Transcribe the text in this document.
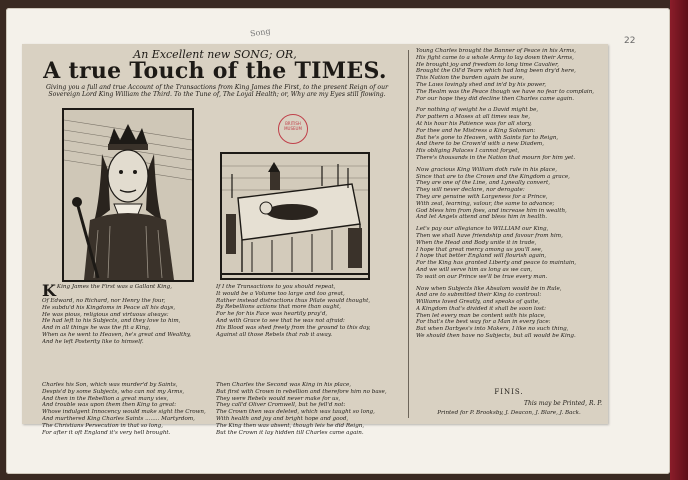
Song
22
An Excellent new SONG; OR,
A true Touch of the TIMES.
Giving you a full and true Account of the Transactions from King James the First, to the present Reign of our Sovereign Lord King William the Third. To the Tune of, The Loyal Health; or, Why are my Eyes still flowing.
BRITISH MUSEUM
K King James the First was a Gallant King,
Of Edward, no Richard, nor Henry the four,
He subdu'd his Kingdoms in Peace all his days,
He was pious, religious and virtuous always:
He had left to his Subjects, and they love to him,
And in all things he was the fit a King,
When as he went to Heaven, he's great and Wealthy,
And he left Posterity like to himself.
Charles his Son, which was murder'd by Saints,
Despis'd by some Subjects, who can not my Arms,
And then in the Rebellion a great many vies,
And trouble was upon them then King to great:
Whose indulgent Innocency would make sight the Crown,
And murthered King Charles Saints ........ Martyrdom,
The Christians Persecution in that so long,
For after it oft England it's very hell brought.
If I the Transactions to you should repeat,
It would be a Volume too large and too great,
Rather instead distractions thus Pilate would thought,
By Rebellions actions that more than ought,
For he for his Face was heartily pray'd,
And with Grace to see that he was not afraid:
His Blood was shed freely from the ground to this day,
Against all those Rebels that rob it away.
Then Charles the Second was King in his place,
But first with Crown in rebellion and therefore him no base,
They were Rebels would never make for us,
They call'd Oliver Cromwell, but he fell'd not:
The Crown then was deleted, which was taught so long,
With health and joy and bright hope and good,
The King then was absent, though leis he did Reign,
But the Crown it lay hidden till Charles came again.
Young Charles brought the Banner of Peace in his Arms,
His fight came to a whole Army to lay down their Arms,
He brought joy and freedom to long time Cavalier,
Brought the Oil'd Tears which had long been dry'd here,
This Nation the burden again be sure,
The Laws lovingly shed and in'd by his power,
The Realm was the Peace though we have no fear to complain,
For our hope they did decline then Charles came again.
For nothing of weight he a David might be,
For pattern a Moses at all times was he,
At his hour his Patience was for all story,
For thee and he Mistress a King Soloman:
But he's gone to Heaven, with Saints far to Reign,
And there to be Crown'd with a new Diadem,
His obliging Palaces I cannot forget,
There's thousands in the Nation that mourn for him yet.
Now gracious King William doth rule in his place,
Since that are to the Crown and the Kingdom a grace,
They are one of the Line, and Lyneally convert,
They will never declare, nor derogate:
They are genuine with Largeness for a Prince,
With zeal, learning, valour, the same to advance;
God bless him from foes, and increase him in wealth,
And let Angels attend and bless him in health.
Let's pay our allegiance to WILLIAM our King,
Then we shall have friendship and favour from him,
When the Head and Body unite it in trade,
I hope that great mercy among us you'll see,
I hope that better England will flourish again,
For the King has granted Liberty and peace to maintain,
And we will serve him as long as we can,
To wait on our Prince we'll be true every man.
Now when Subjects like Absalom would be in Rule,
And are to submitted their King to controul:
Williams loved Greatly, and speaks of quite,
A Kingdom that's divided it shall be soon lost:
Then let every man be content with his place,
For that's the best way for a Man in every face:
But when Darbyes's into Makers, I like no such thing,
We should then have no Subjects, but all would be King.
FINIS.
This may be Printed, R. P.
Printed for P. Brooksby, J. Deacon, J. Blare, J. Back.
